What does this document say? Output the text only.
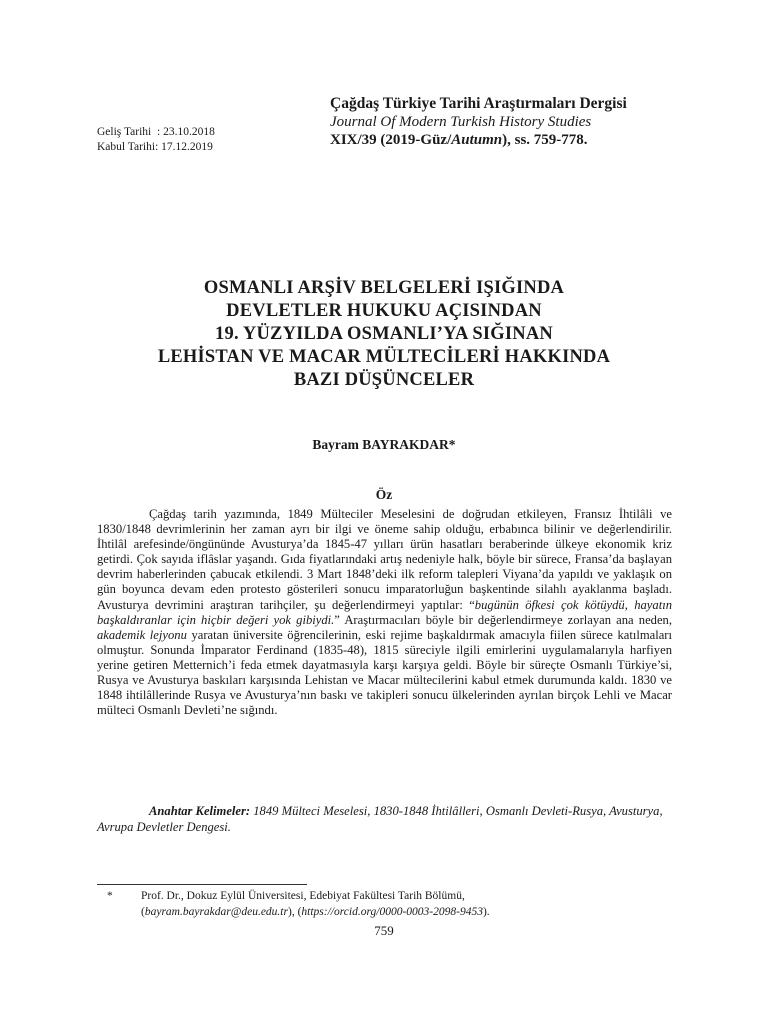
Geliş Tarihi : 23.10.2018
Kabul Tarihi: 17.12.2019
Çağdaş Türkiye Tarihi Araştırmaları Dergisi
Journal Of Modern Turkish History Studies
XIX/39 (2019-Güz/Autumn), ss. 759-778.
OSMANLI ARŞİV BELGELERİ IŞIĞINDA
DEVLETLER HUKUKU AÇISINDAN
19. YÜZYILDA OSMANLI’YA SIĞINAN
LEHİSTAN VE MACAR MÜLTECİLERİ HAKKINDA
BAZI DÜŞÜNCELER
Bayram BAYRAKDAR*
Öz
Çağdaş tarih yazımında, 1849 Mülteciler Meselesini de doğrudan etkileyen, Fransız İhtilâli ve 1830/1848 devrimlerinin her zaman ayrı bir ilgi ve öneme sahip olduğu, erbabınca bilinir ve değerlendirilir. İhtilâl arefesinde/öngününde Avusturya’da 1845-47 yılları ürün hasatları beraberinde ülkeye ekonomik kriz getirdi. Çok sayıda iflâslar yaşandı. Gıda fiyatlarındaki artış nedeniyle halk, böyle bir sürece, Fransa’da başlayan devrim haberlerinden çabucak etkilendi. 3 Mart 1848’deki ilk reform talepleri Viyana’da yapıldı ve yaklaşık on gün boyunca devam eden protesto gösterileri sonucu imparatorluğun başkentinde silahlı ayaklanma başladı. Avusturya devrimini araştıran tarihçiler, şu değerlendirmeyi yaptılar: “bugünün öfkesi çok kötüydü, hayatın başkaldıranlar için hiçbir değeri yok gibiydi.” Araştırmacıları böyle bir değerlendirmeye zorlayan ana neden, akademik lejyonu yaratan üniversite öğrencilerinin, eski rejime başkaldırmak amacıyla fiilen sürece katılmaları olmuştur. Sonunda İmparator Ferdinand (1835-48), 1815 süreciyle ilgili emirlerini uygulamalarıyla harfiyen yerine getiren Metternich’i feda etmek dayatmasıyla karşı karşıya geldi. Böyle bir süreçte Osmanlı Türkiye’si, Rusya ve Avusturya baskıları karşısında Lehistan ve Macar mültecilerini kabul etmek durumunda kaldı. 1830 ve 1848 ihtilâllerinde Rusya ve Avusturya’nın baskı ve takipleri sonucu ülkelerinden ayrılan birçok Lehli ve Macar mülteci Osmanlı Devleti’ne sığındı.
Anahtar Kelimeler: 1849 Mülteci Meselesi, 1830-1848 İhtilâlleri, Osmanlı Devleti-Rusya, Avusturya, Avrupa Devletler Dengesi.
* Prof. Dr., Dokuz Eylül Üniversitesi, Edebiyat Fakültesi Tarih Bölümü,
(bayram.bayrakdar@deu.edu.tr), (https://orcid.org/0000-0003-2098-9453).
759
